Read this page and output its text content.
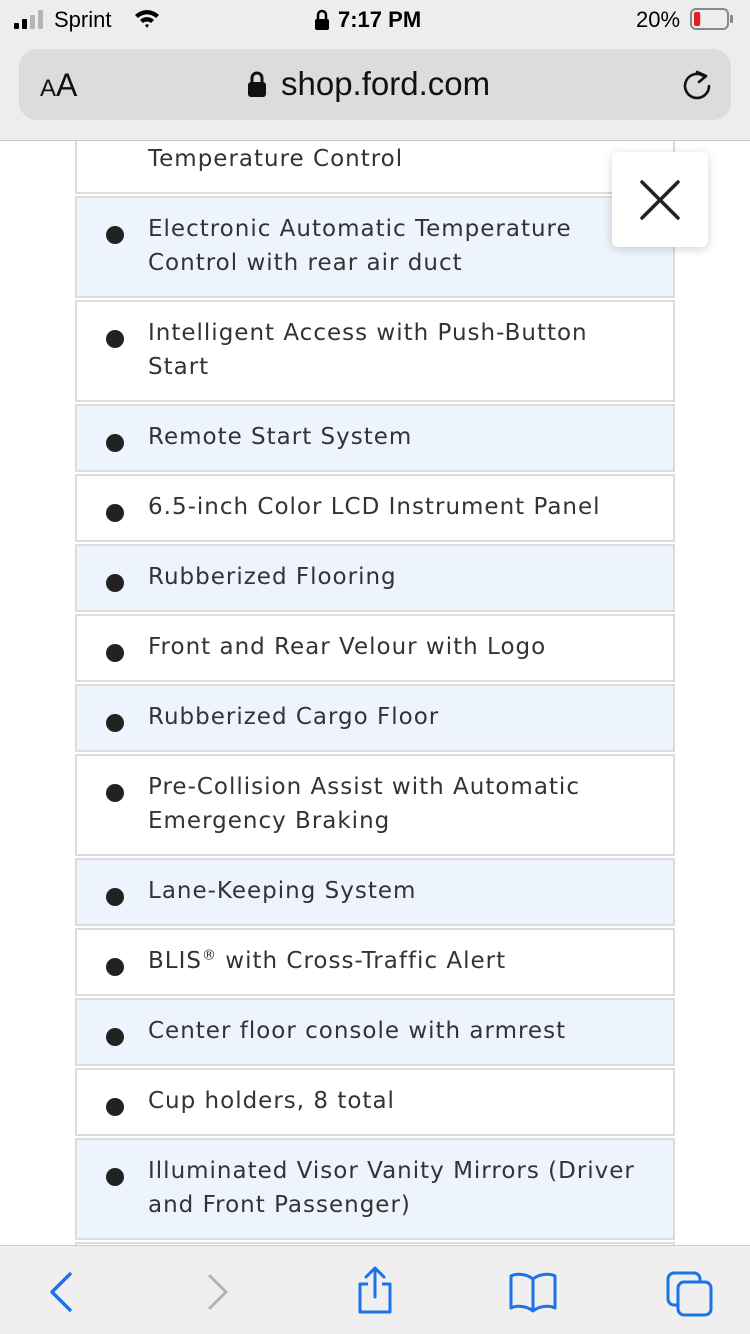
Temperature Control
Electronic Automatic Temperature Control with rear air duct
Intelligent Access with Push-Button Start
Remote Start System
6.5-inch Color LCD Instrument Panel
Rubberized Flooring
Front and Rear Velour with Logo
Rubberized Cargo Floor
Pre-Collision Assist with Automatic Emergency Braking
Lane-Keeping System
BLIS® with Cross-Traffic Alert
Center floor console with armrest
Cup holders, 8 total
Illuminated Visor Vanity Mirrors (Driver and Front Passenger)
Sprint	7:17 PM	20%
AA	shop.ford.com
